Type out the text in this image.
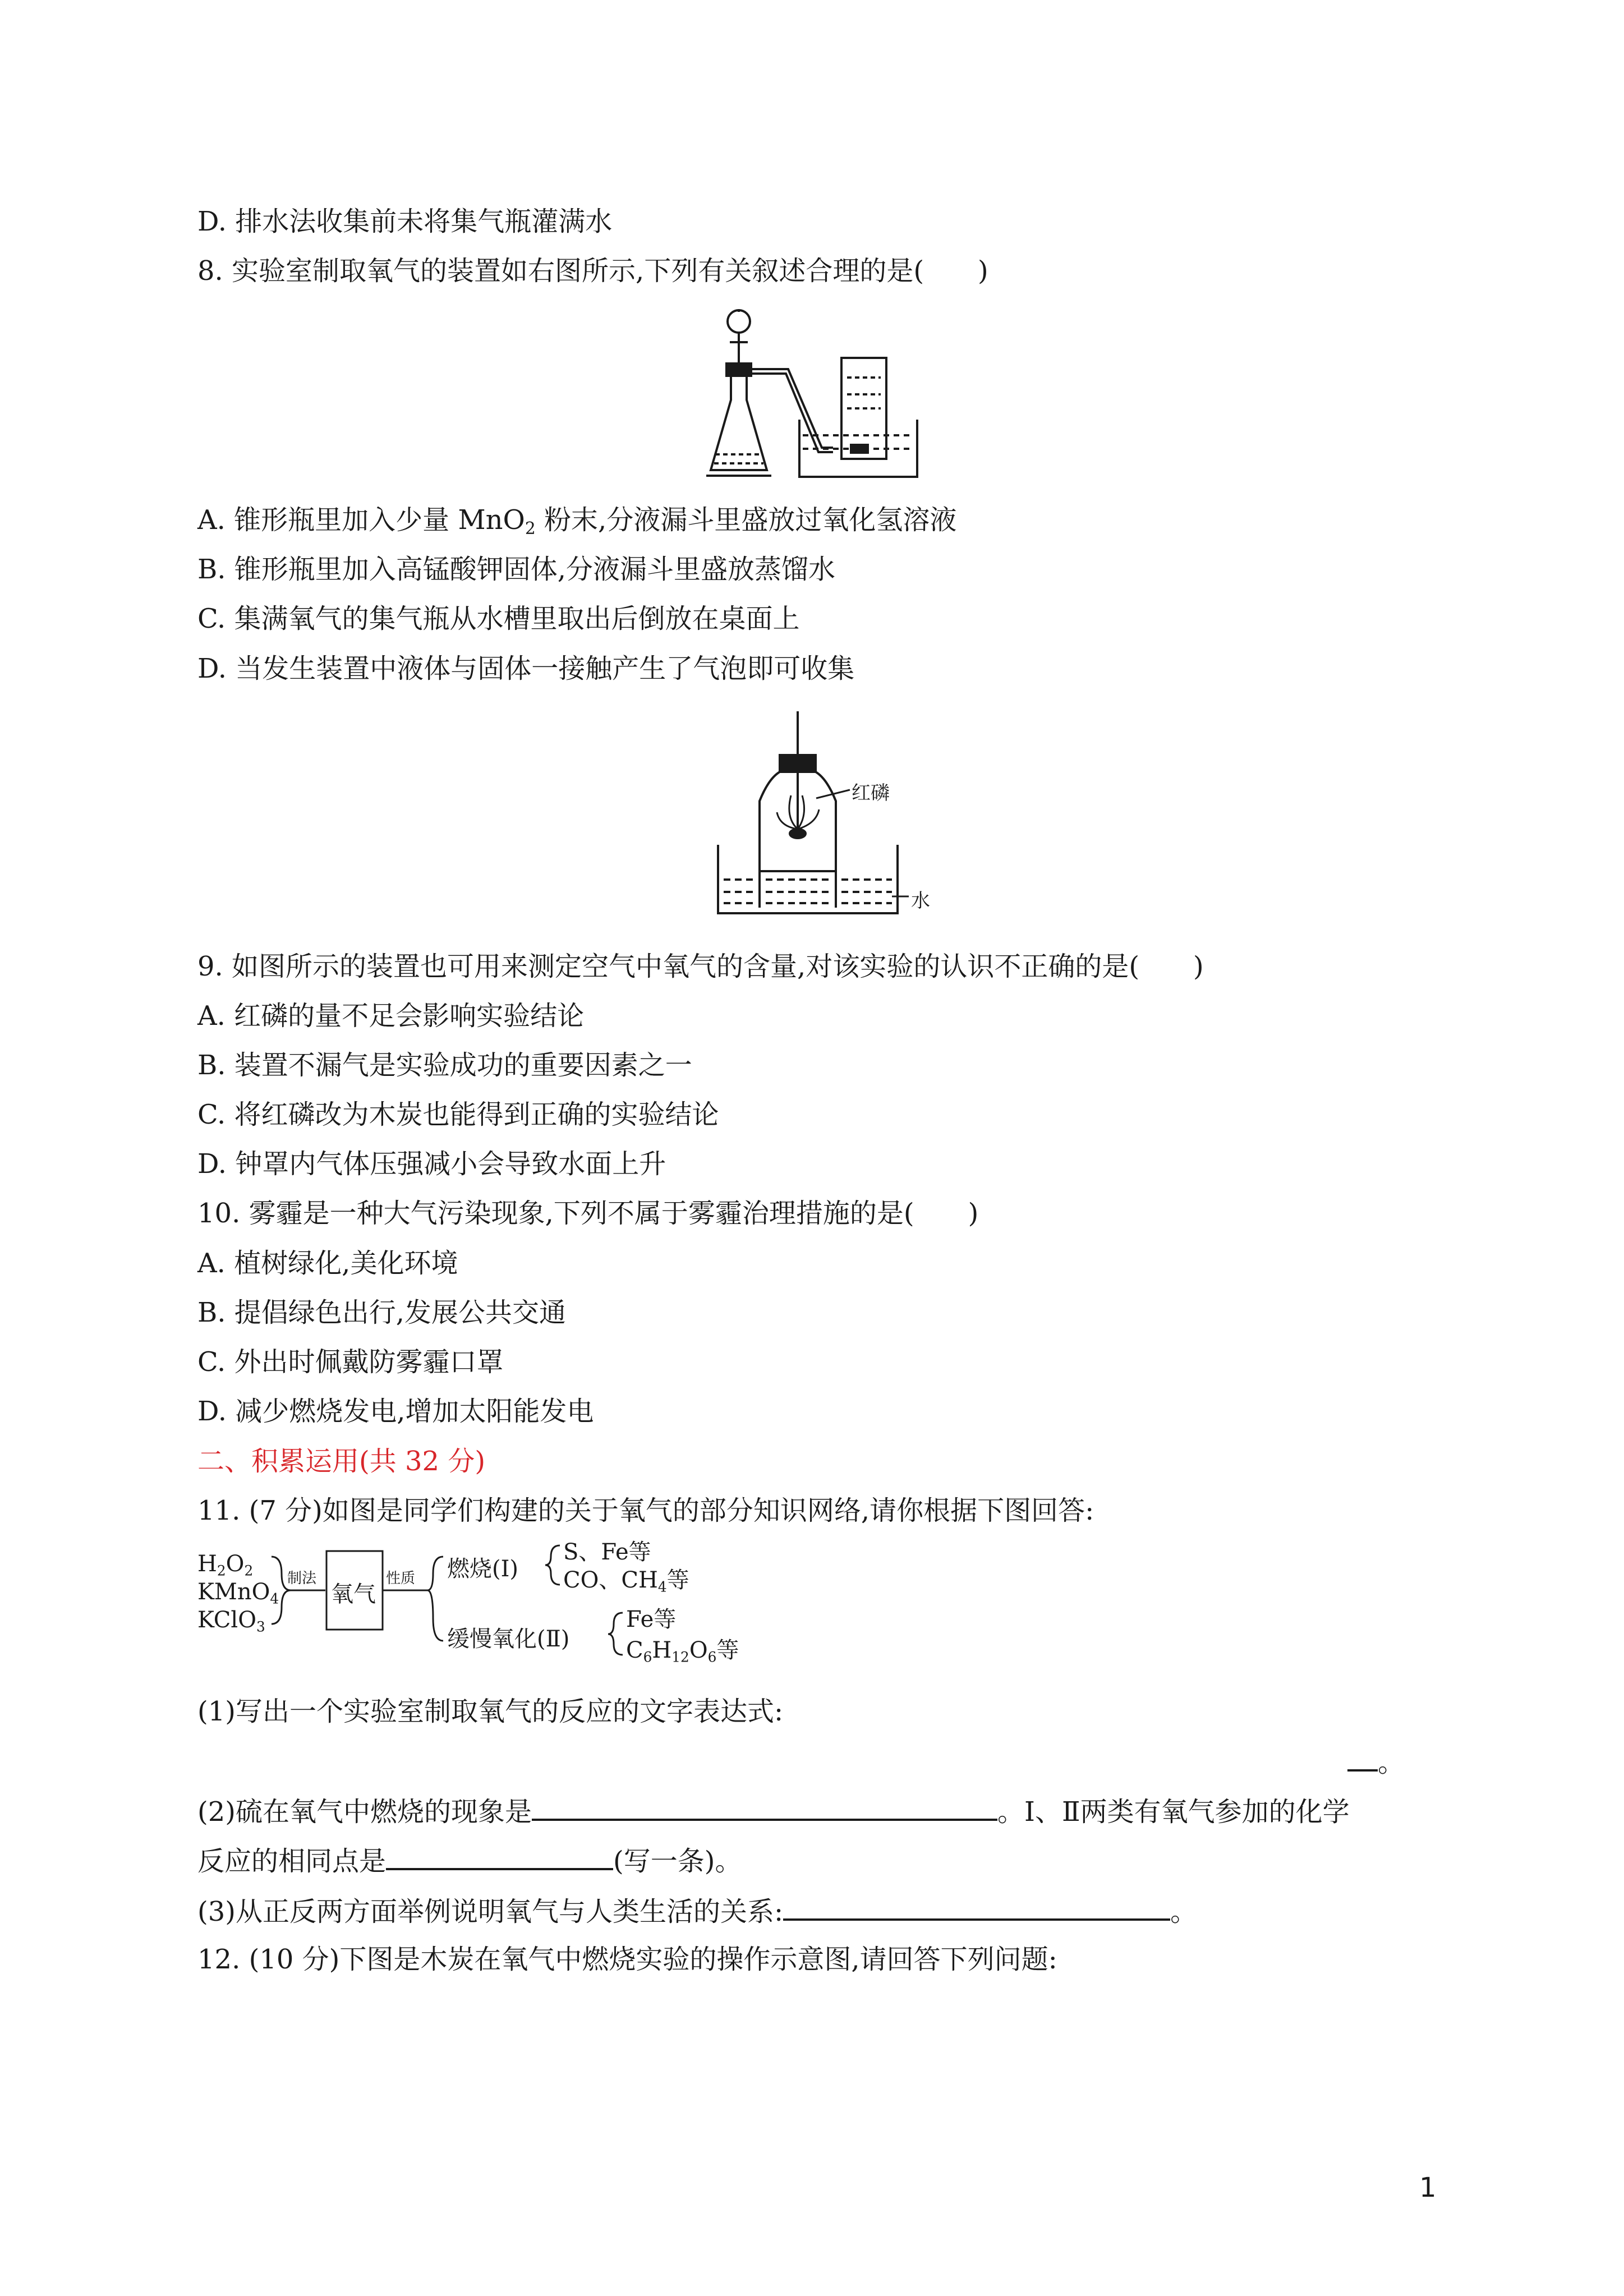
D. 排水法收集前未将集气瓶灌满水
8. 实验室制取氧气的装置如右图所示,下列有关叙述合理的是(　　)
A. 锥形瓶里加入少量 MnO$_2$ 粉末,分液漏斗里盛放过氧化氢溶液
B. 锥形瓶里加入高锰酸钾固体,分液漏斗里盛放蒸馏水
C. 集满氧气的集气瓶从水槽里取出后倒放在桌面上
D. 当发生装置中液体与固体一接触产生了气泡即可收集
红磷
水
9. 如图所示的装置也可用来测定空气中氧气的含量,对该实验的认识不正确的是(　　)
A. 红磷的量不足会影响实验结论
B. 装置不漏气是实验成功的重要因素之一
C. 将红磷改为木炭也能得到正确的实验结论
D. 钟罩内气体压强减小会导致水面上升
10. 雾霾是一种大气污染现象,下列不属于雾霾治理措施的是(　　)
A. 植树绿化,美化环境
B. 提倡绿色出行,发展公共交通
C. 外出时佩戴防雾霾口罩
D. 减少燃烧发电,增加太阳能发电
二、积累运用(共 32 分)
11. (7 分)如图是同学们构建的关于氧气的部分知识网络,请你根据下图回答:
$H_2O_2$
KMnO$_4$
KClO$_3$
制法
氧气
性质 燃烧(Ⅰ)
S、Fe等
CO、$CH_4$等
缓慢氧化(Ⅱ)
Fe等
$C_6H_{12}O_6$等
(1)写出一个实验室制取氧气的反应的文字表达式:
。
(2)硫在氧气中燃烧的现象是	。Ⅰ、Ⅱ两类有氧气参加的化学
反应的相同点是	(写一条)。
(3)从正反两方面举例说明氧气与人类生活的关系:	。
12. (10 分)下图是木炭在氧气中燃烧实验的操作示意图,请回答下列问题:
1
